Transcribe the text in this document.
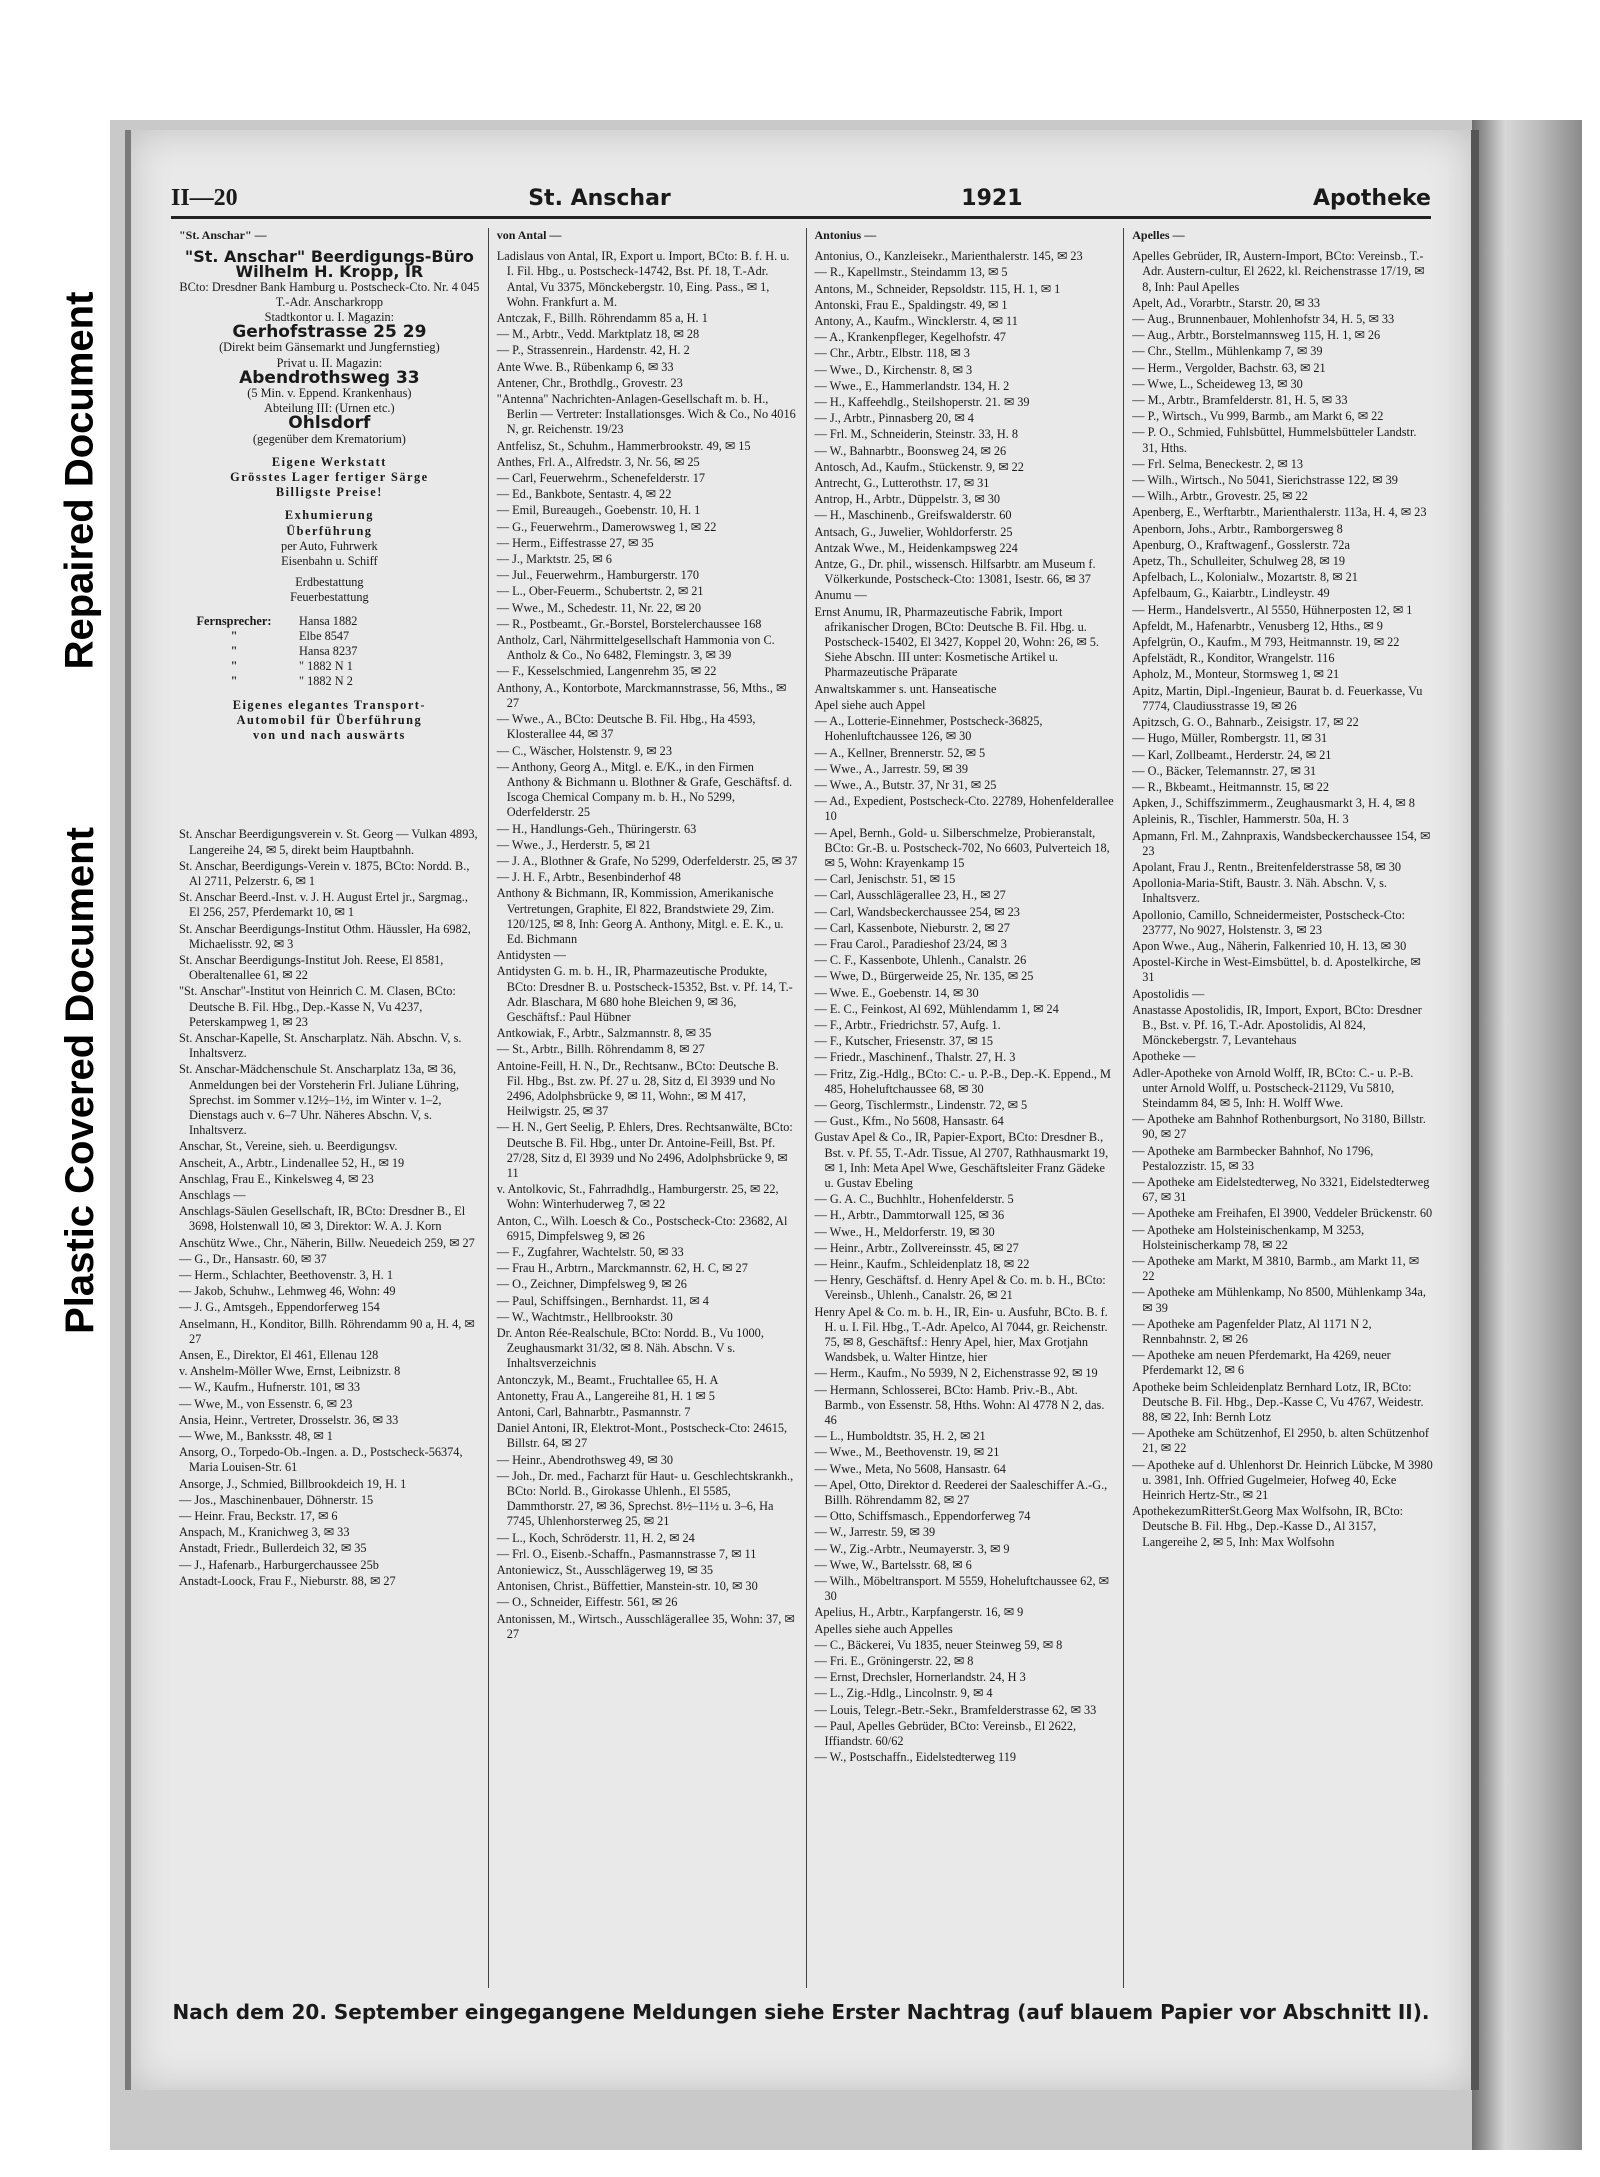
Repaired Document
Plastic Covered Document
II—20	St. Anschar	1921	Apotheke
"St. Anschar" —
"St. Anschar" Beerdigungs-Büro Wilhelm H. Kropp, IR
BCto: Dresdner Bank Hamburg u. Postscheck-Cto. Nr. 4 045
T.-Adr. Anscharkropp
Stadtkontor u. I. Magazin:
Gerhofstrasse 25 29
(Direkt beim Gänsemarkt und Jungfernstieg)
Privat u. II. Magazin:
Abendrothsweg 33
(5 Min. v. Eppend. Krankenhaus)
Abteilung III: (Urnen etc.)
Ohlsdorf
(gegenüber dem Krematorium)
Eigene Werkstatt
Grösstes Lager fertiger Särge
Billigste Preise!
Exhumierung
Überführung
per Auto, Fuhrwerk
Eisenbahn u. Schiff
Erdbestattung
Feuerbestattung
Fernsprecher:	Hansa 1882
"	Elbe 8547
"	Hansa 8237
"	" 1882 N 1
"	" 1882 N 2
Eigenes elegantes Transport-
Automobil für Überführung
von und nach auswärts
St. Anschar Beerdigungsverein v. St. Georg — Vulkan 4893, Langereihe 24, ✉ 5, direkt beim Hauptbahnh.
St. Anschar, Beerdigungs-Verein v. 1875, BCto: Nordd. B., Al 2711, Pelzerstr. 6, ✉ 1
St. Anschar Beerd.-Inst. v. J. H. August Ertel jr., Sargmag., El 256, 257, Pferdemarkt 10, ✉ 1
St. Anschar Beerdigungs-Institut Othm. Häussler, Ha 6982, Michaelisstr. 92, ✉ 3
St. Anschar Beerdigungs-Institut Joh. Reese, El 8581, Oberaltenallee 61, ✉ 22
"St. Anschar"-Institut von Heinrich C. M. Clasen, BCto: Deutsche B. Fil. Hbg., Dep.-Kasse N, Vu 4237, Peterskampweg 1, ✉ 23
St. Anschar-Kapelle, St. Anscharplatz. Näh. Abschn. V, s. Inhaltsverz.
St. Anschar-Mädchenschule St. Anscharplatz 13a, ✉ 36, Anmeldungen bei der Vorsteherin Frl. Juliane Lühring, Sprechst. im Sommer v.12½–1½, im Winter v. 1–2, Dienstags auch v. 6–7 Uhr. Näheres Abschn. V, s. Inhaltsverz.
Anschar, St., Vereine, sieh. u. Beerdigungsv.
Anscheit, A., Arbtr., Lindenallee 52, H., ✉ 19
Anschlag, Frau E., Kinkelsweg 4, ✉ 23
Anschlags —
Anschlags-Säulen Gesellschaft, IR, BCto: Dresdner B., El 3698, Holstenwall 10, ✉ 3, Direktor: W. A. J. Korn
Anschütz Wwe., Chr., Näherin, Billw. Neuedeich 259, ✉ 27
— G., Dr., Hansastr. 60, ✉ 37
— Herm., Schlachter, Beethovenstr. 3, H. 1
— Jakob, Schuhw., Lehmweg 46, Wohn: 49
— J. G., Amtsgeh., Eppendorferweg 154
Anselmann, H., Konditor, Billh. Röhrendamm 90 a, H. 4, ✉ 27
Ansen, E., Direktor, El 461, Ellenau 128
v. Anshelm-Möller Wwe, Ernst, Leibnizstr. 8
— W., Kaufm., Hufnerstr. 101, ✉ 33
— Wwe, M., von Essenstr. 6, ✉ 23
Ansia, Heinr., Vertreter, Drosselstr. 36, ✉ 33
— Wwe, M., Banksstr. 48, ✉ 1
Ansorg, O., Torpedo-Ob.-Ingen. a. D., Postscheck-56374, Maria Louisen-Str. 61
Ansorge, J., Schmied, Billbrookdeich 19, H. 1
— Jos., Maschinenbauer, Döhnerstr. 15
— Heinr. Frau, Beckstr. 17, ✉ 6
Anspach, M., Kranichweg 3, ✉ 33
Anstadt, Friedr., Bullerdeich 32, ✉ 35
— J., Hafenarb., Harburgerchaussee 25b
Anstadt-Loock, Frau F., Nieburstr. 88, ✉ 27
von Antal —
Ladislaus von Antal, IR, Export u. Import, BCto: B. f. H. u. I. Fil. Hbg., u. Postscheck-14742, Bst. Pf. 18, T.-Adr. Antal, Vu 3375, Mönckebergstr. 10, Eing. Pass., ✉ 1, Wohn. Frankfurt a. M.
Antczak, F., Billh. Röhrendamm 85 a, H. 1
— M., Arbtr., Vedd. Marktplatz 18, ✉ 28
— P., Strassenrein., Hardenstr. 42, H. 2
Ante Wwe. B., Rübenkamp 6, ✉ 33
Antener, Chr., Brothdlg., Grovestr. 23
"Antenna" Nachrichten-Anlagen-Gesellschaft m. b. H., Berlin — Vertreter: Installationsges. Wich & Co., No 4016 N, gr. Reichenstr. 19/23
Antfelisz, St., Schuhm., Hammerbrookstr. 49, ✉ 15
Anthes, Frl. A., Alfredstr. 3, Nr. 56, ✉ 25
— Carl, Feuerwehrm., Schenefelderstr. 17
— Ed., Bankbote, Sentastr. 4, ✉ 22
— Emil, Bureaugeh., Goebenstr. 10, H. 1
— G., Feuerwehrm., Damerowsweg 1, ✉ 22
— Herm., Eiffestrasse 27, ✉ 35
— J., Marktstr. 25, ✉ 6
— Jul., Feuerwehrm., Hamburgerstr. 170
— L., Ober-Feuerm., Schubertstr. 2, ✉ 21
— Wwe., M., Schedestr. 11, Nr. 22, ✉ 20
— R., Postbeamt., Gr.-Borstel, Borstelerchaussee 168
Antholz, Carl, Nährmittelgesellschaft Hammonia von C. Antholz & Co., No 6482, Flemingstr. 3, ✉ 39
— F., Kesselschmied, Langenrehm 35, ✉ 22
Anthony, A., Kontorbote, Marckmannstrasse, 56, Mths., ✉ 27
— Wwe., A., BCto: Deutsche B. Fil. Hbg., Ha 4593, Klosterallee 44, ✉ 37
— C., Wäscher, Holstenstr. 9, ✉ 23
— Anthony, Georg A., Mitgl. e. E/K., in den Firmen Anthony & Bichmann u. Blothner & Grafe, Geschäftsf. d. Iscoga Chemical Company m. b. H., No 5299, Oderfelderstr. 25
— H., Handlungs-Geh., Thüringerstr. 63
— Wwe., J., Herderstr. 5, ✉ 21
— J. A., Blothner & Grafe, No 5299, Oderfelderstr. 25, ✉ 37
— J. H. F., Arbtr., Besenbinderhof 48
Anthony & Bichmann, IR, Kommission, Amerikanische Vertretungen, Graphite, El 822, Brandstwiete 29, Zim. 120/125, ✉ 8, Inh: Georg A. Anthony, Mitgl. e. E. K., u. Ed. Bichmann
Antidysten —
Antidysten G. m. b. H., IR, Pharmazeutische Produkte, BCto: Dresdner B. u. Postscheck-15352, Bst. v. Pf. 14, T.-Adr. Blaschara, M 680 hohe Bleichen 9, ✉ 36, Geschäftsf.: Paul Hübner
Antkowiak, F., Arbtr., Salzmannstr. 8, ✉ 35
— St., Arbtr., Billh. Röhrendamm 8, ✉ 27
Antoine-Feill, H. N., Dr., Rechtsanw., BCto: Deutsche B. Fil. Hbg., Bst. zw. Pf. 27 u. 28, Sitz d, El 3939 und No 2496, Adolphsbrücke 9, ✉ 11, Wohn:, ✉ M 417, Heilwigstr. 25, ✉ 37
— H. N., Gert Seelig, P. Ehlers, Dres. Rechtsanwälte, BCto: Deutsche B. Fil. Hbg., unter Dr. Antoine-Feill, Bst. Pf. 27/28, Sitz d, El 3939 und No 2496, Adolphsbrücke 9, ✉ 11
v. Antolkovic, St., Fahrradhdlg., Hamburgerstr. 25, ✉ 22, Wohn: Winterhuderweg 7, ✉ 22
Anton, C., Wilh. Loesch & Co., Postscheck-Cto: 23682, Al 6915, Dimpfelsweg 9, ✉ 26
— F., Zugfahrer, Wachtelstr. 50, ✉ 33
— Frau H., Arbtrn., Marckmannstr. 62, H. C, ✉ 27
— O., Zeichner, Dimpfelsweg 9, ✉ 26
— Paul, Schiffsingen., Bernhardst. 11, ✉ 4
— W., Wachtmstr., Hellbrookstr. 30
Dr. Anton Rée-Realschule, BCto: Nordd. B., Vu 1000, Zeughausmarkt 31/32, ✉ 8. Näh. Abschn. V s. Inhaltsverzeichnis
Antonczyk, M., Beamt., Fruchtallee 65, H. A
Antonetty, Frau A., Langereihe 81, H. 1 ✉ 5
Antoni, Carl, Bahnarbtr., Pasmannstr. 7
Daniel Antoni, IR, Elektrot-Mont., Postscheck-Cto: 24615, Billstr. 64, ✉ 27
— Heinr., Abendrothsweg 49, ✉ 30
— Joh., Dr. med., Facharzt für Haut- u. Geschlechtskrankh., BCto: Norld. B., Girokasse Uhlenh., El 5585, Dammthorstr. 27, ✉ 36, Sprechst. 8½–11½ u. 3–6, Ha 7745, Uhlenhorsterweg 25, ✉ 21
— L., Koch, Schröderstr. 11, H. 2, ✉ 24
— Frl. O., Eisenb.-Schaffn., Pasmannstrasse 7, ✉ 11
Antoniewicz, St., Ausschlägerweg 19, ✉ 35
Antonisen, Christ., Büffettier, Manstein-str. 10, ✉ 30
— O., Schneider, Eiffestr. 561, ✉ 26
Antonissen, M., Wirtsch., Ausschlägerallee 35, Wohn: 37, ✉ 27
Antonius —
Antonius, O., Kanzleisekr., Marienthalerstr. 145, ✉ 23
— R., Kapellmstr., Steindamm 13, ✉ 5
Antons, M., Schneider, Repsoldstr. 115, H. 1, ✉ 1
Antonski, Frau E., Spaldingstr. 49, ✉ 1
Antony, A., Kaufm., Wincklerstr. 4, ✉ 11
— A., Krankenpfleger, Kegelhofstr. 47
— Chr., Arbtr., Elbstr. 118, ✉ 3
— Wwe., D., Kirchenstr. 8, ✉ 3
— Wwe., E., Hammerlandstr. 134, H. 2
— H., Kaffeehdlg., Steilshoperstr. 21. ✉ 39
— J., Arbtr., Pinnasberg 20, ✉ 4
— Frl. M., Schneiderin, Steinstr. 33, H. 8
— W., Bahnarbtr., Boonsweg 24, ✉ 26
Antosch, Ad., Kaufm., Stückenstr. 9, ✉ 22
Antrecht, G., Lutterothstr. 17, ✉ 31
Antrop, H., Arbtr., Düppelstr. 3, ✉ 30
— H., Maschinenb., Greifswalderstr. 60
Antsach, G., Juwelier, Wohldorferstr. 25
Antzak Wwe., M., Heidenkampsweg 224
Antze, G., Dr. phil., wissensch. Hilfsarbtr. am Museum f. Völkerkunde, Postscheck-Cto: 13081, Isestr. 66, ✉ 37
Anumu —
Ernst Anumu, IR, Pharmazeutische Fabrik, Import afrikanischer Drogen, BCto: Deutsche B. Fil. Hbg. u. Postscheck-15402, El 3427, Koppel 20, Wohn: 26, ✉ 5. Siehe Abschn. III unter: Kosmetische Artikel u. Pharmazeutische Präparate
Anwaltskammer s. unt. Hanseatische
Apel siehe auch Appel
— A., Lotterie-Einnehmer, Postscheck-36825, Hohenluftchaussee 126, ✉ 30
— A., Kellner, Brennerstr. 52, ✉ 5
— Wwe., A., Jarrestr. 59, ✉ 39
— Wwe., A., Butstr. 37, Nr 31, ✉ 25
— Ad., Expedient, Postscheck-Cto. 22789, Hohenfelderallee 10
— Apel, Bernh., Gold- u. Silberschmelze, Probieranstalt, BCto: Gr.-B. u. Postscheck-702, No 6603, Pulverteich 18, ✉ 5, Wohn: Krayenkamp 15
— Carl, Jenischstr. 51, ✉ 15
— Carl, Ausschlägerallee 23, H., ✉ 27
— Carl, Wandsbeckerchaussee 254, ✉ 23
— Carl, Kassenbote, Nieburstr. 2, ✉ 27
— Frau Carol., Paradieshof 23/24, ✉ 3
— C. F., Kassenbote, Uhlenh., Canalstr. 26
— Wwe, D., Bürgerweide 25, Nr. 135, ✉ 25
— Wwe. E., Goebenstr. 14, ✉ 30
— E. C., Feinkost, Al 692, Mühlendamm 1, ✉ 24
— F., Arbtr., Friedrichstr. 57, Aufg. 1.
— F., Kutscher, Friesenstr. 37, ✉ 15
— Friedr., Maschinenf., Thalstr. 27, H. 3
— Fritz, Zig.-Hdlg., BCto: C.- u. P.-B., Dep.-K. Eppend., M 485, Hoheluftchaussee 68, ✉ 30
— Georg, Tischlermstr., Lindenstr. 72, ✉ 5
— Gust., Kfm., No 5608, Hansastr. 64
Gustav Apel & Co., IR, Papier-Export, BCto: Dresdner B., Bst. v. Pf. 55, T.-Adr. Tissue, Al 2707, Rathhausmarkt 19, ✉ 1, Inh: Meta Apel Wwe, Geschäftsleiter Franz Gädeke u. Gustav Ebeling
— G. A. C., Buchhltr., Hohenfelderstr. 5
— H., Arbtr., Dammtorwall 125, ✉ 36
— Wwe., H., Meldorferstr. 19, ✉ 30
— Heinr., Arbtr., Zollvereinsstr. 45, ✉ 27
— Heinr., Kaufm., Schleidenplatz 18, ✉ 22
— Henry, Geschäftsf. d. Henry Apel & Co. m. b. H., BCto: Vereinsb., Uhlenh., Canalstr. 26, ✉ 21
Henry Apel & Co. m. b. H., IR, Ein- u. Ausfuhr, BCto. B. f. H. u. I. Fil. Hbg., T.-Adr. Apelco, Al 7044, gr. Reichenstr. 75, ✉ 8, Geschäftsf.: Henry Apel, hier, Max Grotjahn Wandsbek, u. Walter Hintze, hier
— Herm., Kaufm., No 5939, N 2, Eichenstrasse 92, ✉ 19
— Hermann, Schlosserei, BCto: Hamb. Priv.-B., Abt. Barmb., von Essenstr. 58, Hths. Wohn: Al 4778 N 2, das. 46
— L., Humboldtstr. 35, H. 2, ✉ 21
— Wwe., M., Beethovenstr. 19, ✉ 21
— Wwe., Meta, No 5608, Hansastr. 64
— Apel, Otto, Direktor d. Reederei der Saaleschiffer A.-G., Billh. Röhrendamm 82, ✉ 27
— Otto, Schiffsmasch., Eppendorferweg 74
— W., Jarrestr. 59, ✉ 39
— W., Zig.-Arbtr., Neumayerstr. 3, ✉ 9
— Wwe, W., Bartelsstr. 68, ✉ 6
— Wilh., Möbeltransport. M 5559, Hoheluftchaussee 62, ✉ 30
Apelius, H., Arbtr., Karpfangerstr. 16, ✉ 9
Apelles siehe auch Appelles
— C., Bäckerei, Vu 1835, neuer Steinweg 59, ✉ 8
— Fri. E., Gröningerstr. 22, ✉ 8
— Ernst, Drechsler, Hornerlandstr. 24, H 3
— L., Zig.-Hdlg., Lincolnstr. 9, ✉ 4
— Louis, Telegr.-Betr.-Sekr., Bramfelderstrasse 62, ✉ 33
— Paul, Apelles Gebrüder, BCto: Vereinsb., El 2622, Iffiandstr. 60/62
— W., Postschaffn., Eidelstedterweg 119
Apelles —
Apelles Gebrüder, IR, Austern-Import, BCto: Vereinsb., T.-Adr. Austern-cultur, El 2622, kl. Reichenstrasse 17/19, ✉ 8, Inh: Paul Apelles
Apelt, Ad., Vorarbtr., Starstr. 20, ✉ 33
— Aug., Brunnenbauer, Mohlenhofstr 34, H. 5, ✉ 33
— Aug., Arbtr., Borstelmannsweg 115, H. 1, ✉ 26
— Chr., Stellm., Mühlenkamp 7, ✉ 39
— Herm., Vergolder, Bachstr. 63, ✉ 21
— Wwe, L., Scheideweg 13, ✉ 30
— M., Arbtr., Bramfelderstr. 81, H. 5, ✉ 33
— P., Wirtsch., Vu 999, Barmb., am Markt 6, ✉ 22
— P. O., Schmied, Fuhlsbüttel, Hummelsbütteler Landstr. 31, Hths.
— Frl. Selma, Beneckestr. 2, ✉ 13
— Wilh., Wirtsch., No 5041, Sierichstrasse 122, ✉ 39
— Wilh., Arbtr., Grovestr. 25, ✉ 22
Apenberg, E., Werftarbtr., Marienthalerstr. 113a, H. 4, ✉ 23
Apenborn, Johs., Arbtr., Ramborgersweg 8
Apenburg, O., Kraftwagenf., Gosslerstr. 72a
Apetz, Th., Schulleiter, Schulweg 28, ✉ 19
Apfelbach, L., Kolonialw., Mozartstr. 8, ✉ 21
Apfelbaum, G., Kaiarbtr., Lindleystr. 49
— Herm., Handelsvertr., Al 5550, Hühnerposten 12, ✉ 1
Apfeldt, M., Hafenarbtr., Venusberg 12, Hths., ✉ 9
Apfelgrün, O., Kaufm., M 793, Heitmannstr. 19, ✉ 22
Apfelstädt, R., Konditor, Wrangelstr. 116
Apholz, M., Monteur, Stormsweg 1, ✉ 21
Apitz, Martin, Dipl.-Ingenieur, Baurat b. d. Feuerkasse, Vu 7774, Claudiusstrasse 19, ✉ 26
Apitzsch, G. O., Bahnarb., Zeisigstr. 17, ✉ 22
— Hugo, Müller, Rombergstr. 11, ✉ 31
— Karl, Zollbeamt., Herderstr. 24, ✉ 21
— O., Bäcker, Telemannstr. 27, ✉ 31
— R., Bkbeamt., Heitmannstr. 15, ✉ 22
Apken, J., Schiffszimmerm., Zeughausmarkt 3, H. 4, ✉ 8
Apleinis, R., Tischler, Hammerstr. 50a, H. 3
Apmann, Frl. M., Zahnpraxis, Wandsbeckerchaussee 154, ✉ 23
Apolant, Frau J., Rentn., Breitenfelderstrasse 58, ✉ 30
Apollonia-Maria-Stift, Baustr. 3. Näh. Abschn. V, s. Inhaltsverz.
Apollonio, Camillo, Schneidermeister, Postscheck-Cto: 23777, No 9027, Holstenstr. 3, ✉ 23
Apon Wwe., Aug., Näherin, Falkenried 10, H. 13, ✉ 30
Apostel-Kirche in West-Eimsbüttel, b. d. Apostelkirche, ✉ 31
Apostolidis —
Anastasse Apostolidis, IR, Import, Export, BCto: Dresdner B., Bst. v. Pf. 16, T.-Adr. Apostolidis, Al 824, Mönckebergstr. 7, Levantehaus
Apotheke —
Adler-Apotheke von Arnold Wolff, IR, BCto: C.- u. P.-B. unter Arnold Wolff, u. Postscheck-21129, Vu 5810, Steindamm 84, ✉ 5, Inh: H. Wolff Wwe.
— Apotheke am Bahnhof Rothenburgsort, No 3180, Billstr. 90, ✉ 27
— Apotheke am Barmbecker Bahnhof, No 1796, Pestalozzistr. 15, ✉ 33
— Apotheke am Eidelstedterweg, No 3321, Eidelstedterweg 67, ✉ 31
— Apotheke am Freihafen, El 3900, Veddeler Brückenstr. 60
— Apotheke am Holsteinischenkamp, M 3253, Holsteinischerkamp 78, ✉ 22
— Apotheke am Markt, M 3810, Barmb., am Markt 11, ✉ 22
— Apotheke am Mühlenkamp, No 8500, Mühlenkamp 34a, ✉ 39
— Apotheke am Pagenfelder Platz, Al 1171 N 2, Rennbahnstr. 2, ✉ 26
— Apotheke am neuen Pferdemarkt, Ha 4269, neuer Pferdemarkt 12, ✉ 6
Apotheke beim Schleidenplatz Bernhard Lotz, IR, BCto: Deutsche B. Fil. Hbg., Dep.-Kasse C, Vu 4767, Weidestr. 88, ✉ 22, Inh: Bernh Lotz
— Apotheke am Schützenhof, El 2950, b. alten Schützenhof 21, ✉ 22
— Apotheke auf d. Uhlenhorst Dr. Heinrich Lübcke, M 3980 u. 3981, Inh. Offried Gugelmeier, Hofweg 40, Ecke Heinrich Hertz-Str., ✉ 21
ApothekezumRitterSt.Georg Max Wolfsohn, IR, BCto: Deutsche B. Fil. Hbg., Dep.-Kasse D., Al 3157, Langereihe 2, ✉ 5, Inh: Max Wolfsohn
Nach dem 20. September eingegangene Meldungen siehe Erster Nachtrag (auf blauem Papier vor Abschnitt II).
